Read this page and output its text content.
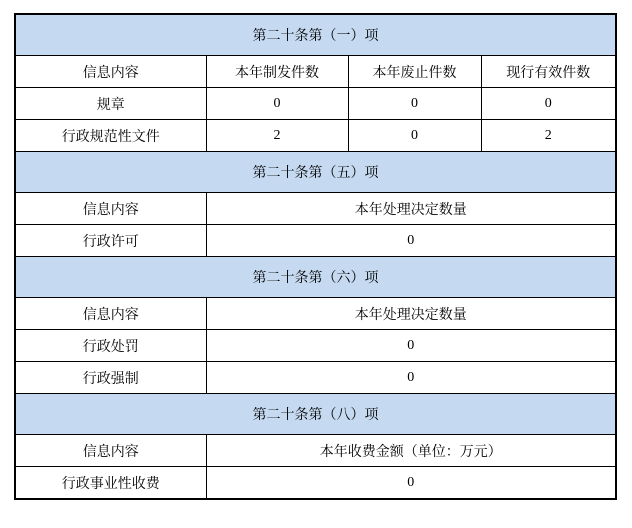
第二十条第（一）项			
信息内容	本年制发件数	本年废止件数	现行有效件数
规章	0	0	0
行政规范性文件	2	0	2
第二十条第（五）项			
信息内容	本年处理决定数量		
行政许可	0		
第二十条第（六）项			
信息内容	本年处理决定数量		
行政处罚	0		
行政强制	0		
第二十条第（八）项			
信息内容	本年收费金额（单位：万元）		
行政事业性收费	0		
